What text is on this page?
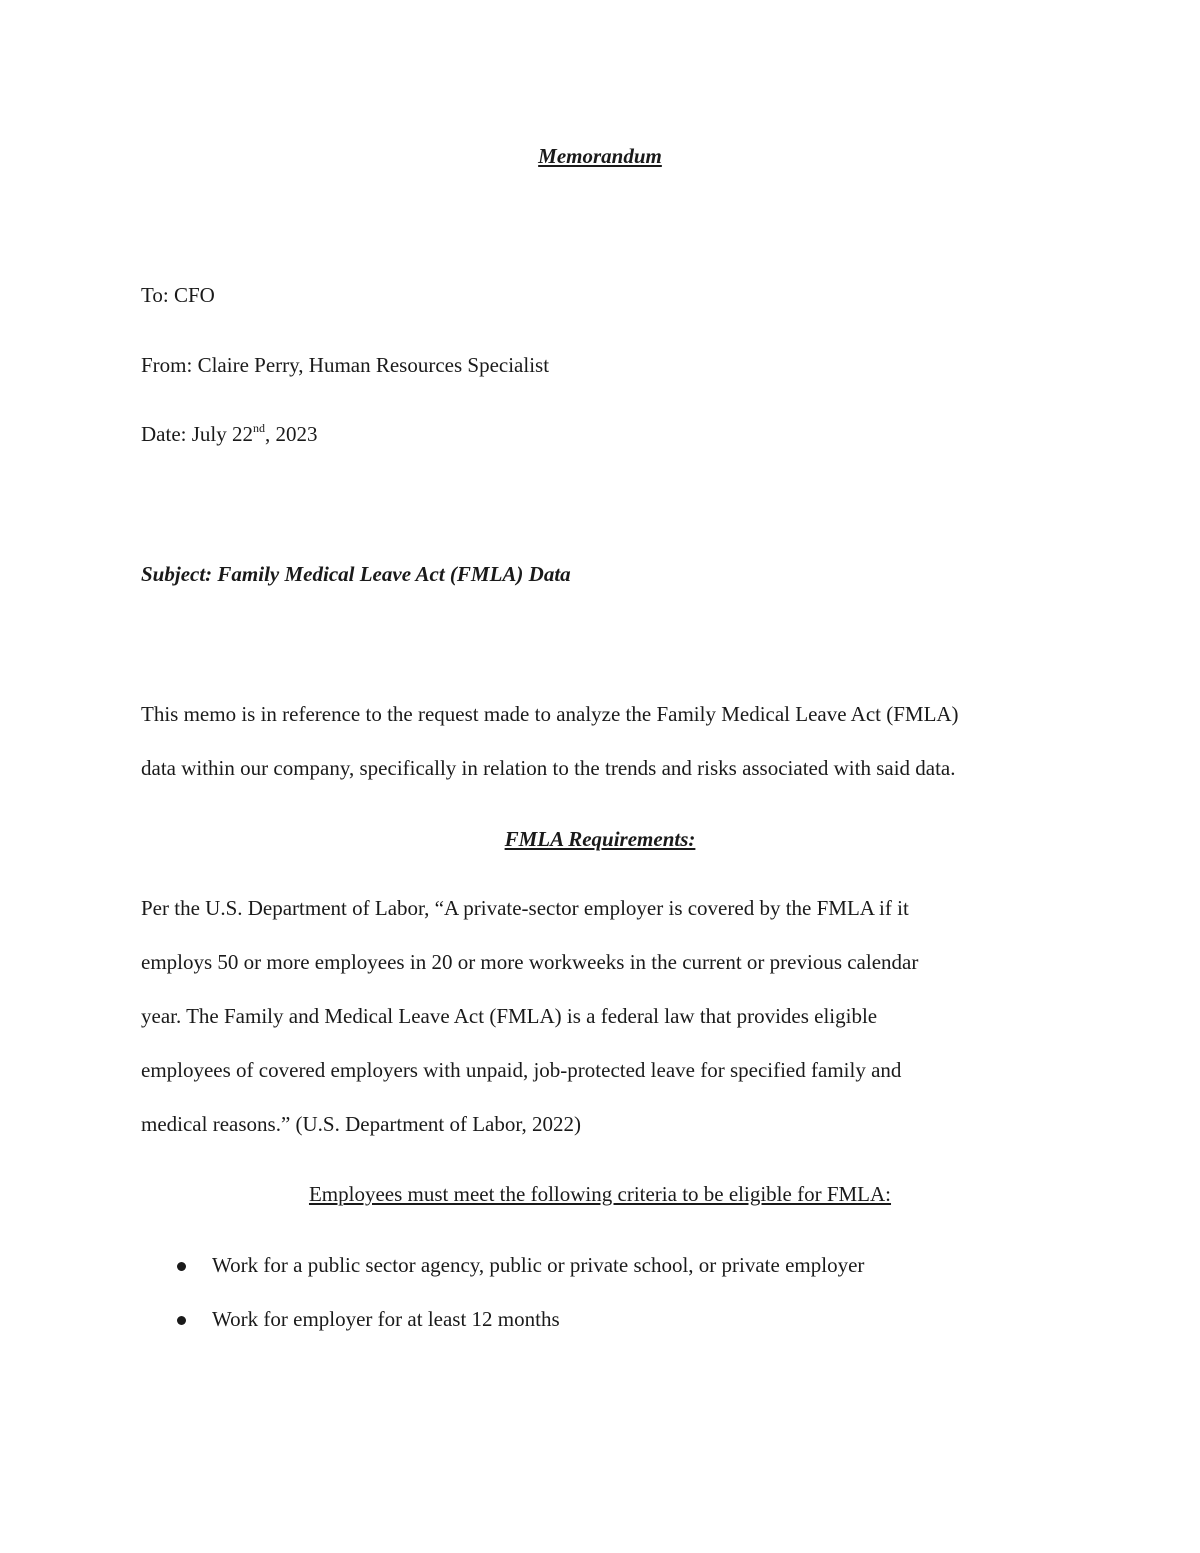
Memorandum
To: CFO
From: Claire Perry, Human Resources Specialist
Date: July 22nd, 2023
Subject: Family Medical Leave Act (FMLA) Data
This memo is in reference to the request made to analyze the Family Medical Leave Act (FMLA)
data within our company, specifically in relation to the trends and risks associated with said data.
FMLA Requirements:
Per the U.S. Department of Labor, “A private-sector employer is covered by the FMLA if it
employs 50 or more employees in 20 or more workweeks in the current or previous calendar
year. The Family and Medical Leave Act (FMLA) is a federal law that provides eligible
employees of covered employers with unpaid, job-protected leave for specified family and
medical reasons.” (U.S. Department of Labor, 2022)
Employees must meet the following criteria to be eligible for FMLA:
Work for a public sector agency, public or private school, or private employer
Work for employer for at least 12 months
